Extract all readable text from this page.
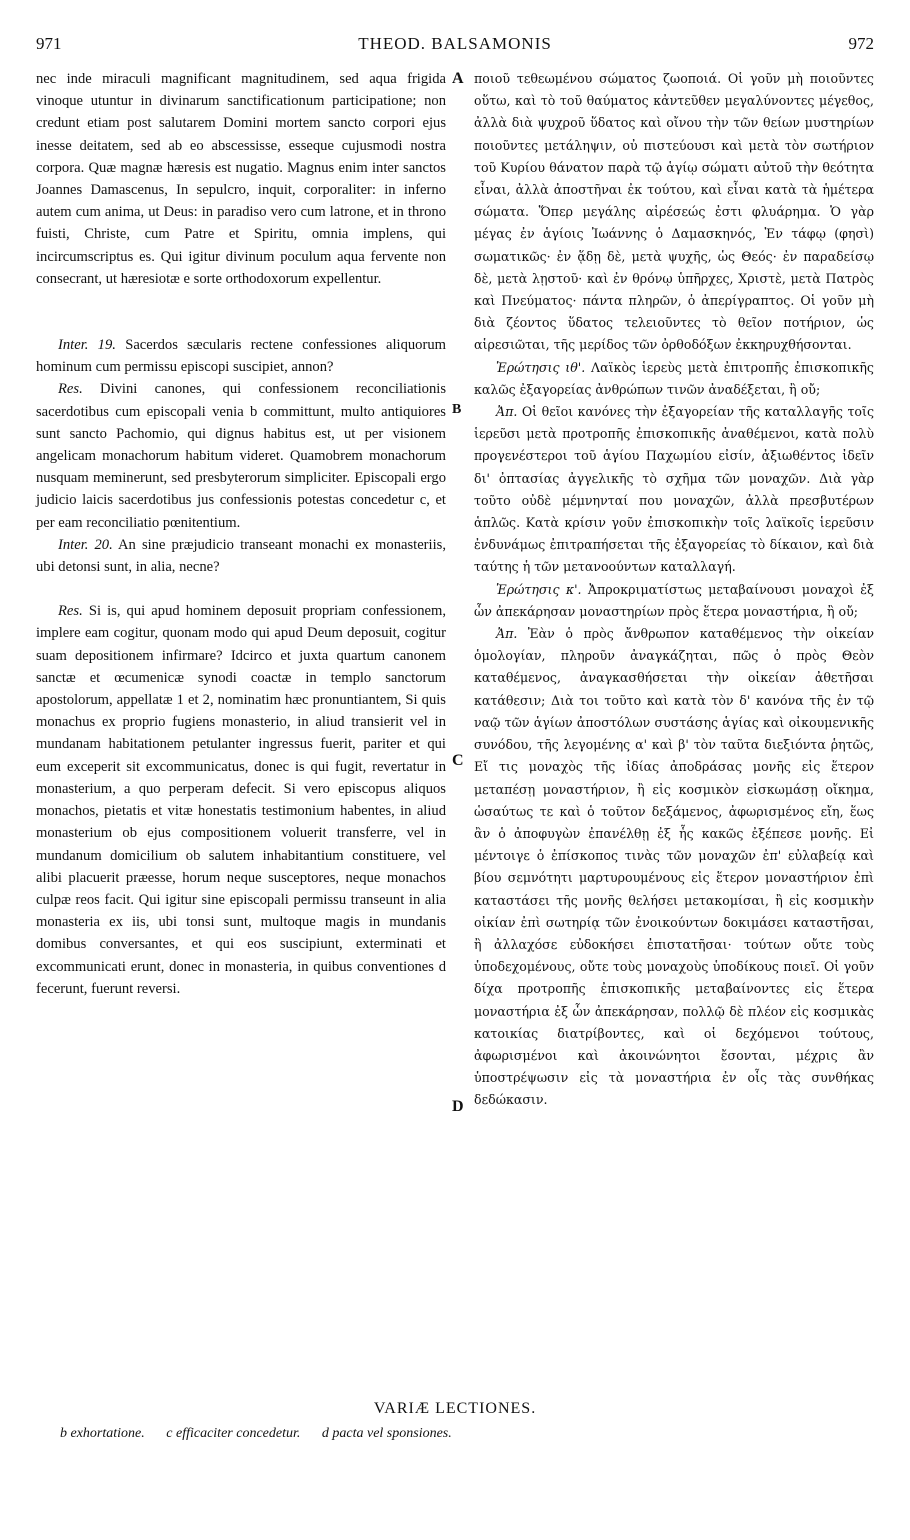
971	THEOD. BALSAMONIS	972
A
B
C
D

nec inde miraculi magnificant magnitudinem, sed aqua frigida vinoque utuntur in divinarum sanctificationum participatione; non credunt etiam post salutarem Domini mortem sancto corpori ejus inesse deitatem, sed ab eo abscessisse, esseque cujusmodi nostra corpora. Quæ magnæ hæresis est nugatio. Magnus enim inter sanctos Joannes Damascenus, In sepulcro, inquit, corporaliter: in inferno autem cum anima, ut Deus: in paradiso vero cum latrone, et in throno fuisti, Christe, cum Patre et Spiritu, omnia implens, qui incircumscriptus es. Qui igitur divinum poculum aqua fervente non consecrant, ut hæresiotæ e sorte orthodoxorum expellentur.

Inter. 19. Sacerdos sæcularis rectene confessiones aliquorum hominum cum permissu episcopi suscipiet, annon?

Res. Divini canones, qui confessionem reconciliationis sacerdotibus cum episcopali venia b committunt, multo antiquiores sunt sancto Pachomio, qui dignus habitus est, ut per visionem angelicam monachorum habitum videret. Quamobrem monachorum nusquam meminerunt, sed presbyterorum simpliciter. Episcopali ergo judicio laicis sacerdotibus jus confessionis potestas concedetur c, et per eam reconciliatio pœnitentium.

Inter. 20. An sine præjudicio transeant monachi ex monasteriis, ubi detonsi sunt, in alia, necne?

Res. Si is, qui apud hominem deposuit propriam confessionem, implere eam cogitur, quonam modo qui apud Deum deposuit, cogitur suam depositionem infirmare? Idcirco et juxta quartum canonem sanctæ et œcumenicæ synodi coactæ in templo sanctorum apostolorum, appellatæ 1 et 2, nominatim hæc pronuntiantem, Si quis monachus ex proprio fugiens monasterio, in aliud transierit vel in mundanam habitationem petulanter ingressus fuerit, pariter et qui eum exceperit sit excommunicatus, donec is qui fugit, revertatur in monasterium, a quo perperam defecit. Si vero episcopus aliquos monachos, pietatis et vitæ honestatis testimonium habentes, in aliud monasterium ob ejus compositionem voluerit transferre, vel in mundanum domicilium ob salutem inhabitantium constituere, vel alibi placuerit præesse, horum neque susceptores, neque monachos culpæ reos facit. Qui igitur sine episcopali permissu transeunt in alia monasteria ex iis, ubi tonsi sunt, multoque magis in mundanis domibus conversantes, et qui eos suscipiunt, exterminati et excommunicati erunt, donec in monasteria, in quibus conventiones d fecerunt, fuerunt reversi.

ποιοῦ τεθεωμένου σώματος ζωοποιά. Οἱ γοῦν μὴ ποιοῦντες οὕτω, καὶ τὸ τοῦ θαύματος κἀντεῦθεν μεγαλύνοντες μέγεθος, ἀλλὰ διὰ ψυχροῦ ὕδατος καὶ οἴνου τὴν τῶν θείων μυστηρίων ποιοῦντες μετάληψιν, οὐ πιστεύουσι καὶ μετὰ τὸν σωτήριον τοῦ Κυρίου θάνατον παρὰ τῷ ἁγίῳ σώματι αὐτοῦ τὴν θεότητα εἶναι, ἀλλὰ ἀποστῆναι ἐκ τούτου, καὶ εἶναι κατὰ τὰ ἡμέτερα σώματα. Ὅπερ μεγάλης αἱρέσεώς ἐστι φλυάρημα. Ὁ γὰρ μέγας ἐν ἁγίοις Ἰωάννης ὁ Δαμασκηνός, Ἐν τάφῳ (φησὶ) σωματικῶς· ἐν ᾅδῃ δὲ, μετὰ ψυχῆς, ὡς Θεός· ἐν παραδείσῳ δὲ, μετὰ λῃστοῦ· καὶ ἐν θρόνῳ ὑπῆρχες, Χριστὲ, μετὰ Πατρὸς καὶ Πνεύματος· πάντα πληρῶν, ὁ ἀπερίγραπτος. Οἱ γοῦν μὴ διὰ ζέοντος ὕδατος τελειοῦντες τὸ θεῖον ποτήριον, ὡς αἱρεσιῶται, τῆς μερίδος τῶν ὀρθοδόξων ἐκκηρυχθήσονται.

Ἐρώτησις ιθ'. Λαϊκὸς ἱερεὺς μετὰ ἐπιτροπῆς ἐπισκοπικῆς καλῶς ἐξαγορείας ἀνθρώπων τινῶν ἀναδέξεται, ἢ οὔ;

Ἀπ. Οἱ θεῖοι κανόνες τὴν ἐξαγορείαν τῆς καταλλαγῆς τοῖς ἱερεῦσι μετὰ προτροπῆς ἐπισκοπικῆς ἀναθέμενοι, κατὰ πολὺ προγενέστεροι τοῦ ἁγίου Παχωμίου εἰσίν, ἀξιωθέντος ἰδεῖν δι' ὀπτασίας ἀγγελικῆς τὸ σχῆμα τῶν μοναχῶν. Διὰ γὰρ τοῦτο οὐδὲ μέμνηνταί που μοναχῶν, ἀλλὰ πρεσβυτέρων ἁπλῶς. Κατὰ κρίσιν γοῦν ἐπισκοπικὴν τοῖς λαϊκοῖς ἱερεῦσιν ἐνδυνάμως ἐπιτραπήσεται τῆς ἐξαγορείας τὸ δίκαιον, καὶ διὰ ταύτης ἡ τῶν μετανοούντων καταλλαγή.

Ἐρώτησις κ'. Ἀπροκριματίστως μεταβαίνουσι μοναχοὶ ἐξ ὧν ἀπεκάρησαν μοναστηρίων πρὸς ἕτερα μοναστήρια, ἢ οὔ;

Ἀπ. Ἐὰν ὁ πρὸς ἄνθρωπον καταθέμενος τὴν οἰκείαν ὁμολογίαν, πληροῦν ἀναγκάζηται, πῶς ὁ πρὸς Θεὸν καταθέμενος, ἀναγκασθήσεται τὴν οἰκείαν ἀθετῆσαι κατάθεσιν; Διὰ τοι τοῦτο καὶ κατὰ τὸν δ' κανόνα τῆς ἐν τῷ ναῷ τῶν ἁγίων ἀποστόλων συστάσης ἁγίας καὶ οἰκουμενικῆς συνόδου, τῆς λεγομένης α' καὶ β' τὸν ταῦτα διεξιόντα ῥητῶς, Εἴ τις μοναχὸς τῆς ἰδίας ἀποδράσας μονῆς εἰς ἕτερον μεταπέσῃ μοναστήριον, ἢ εἰς κοσμικὸν εἰσκωμάσῃ οἴκημα, ὡσαύτως τε καὶ ὁ τοῦτον δεξάμενος, ἀφωρισμένος εἴη, ἕως ἂν ὁ ἀποφυγὼν ἐπανέλθῃ ἐξ ἧς κακῶς ἐξέπεσε μονῆς. Εἰ μέντοιγε ὁ ἐπίσκοπος τινὰς τῶν μοναχῶν ἐπ' εὐλαβείᾳ καὶ βίου σεμνότητι μαρτυρουμένους εἰς ἕτερον μοναστήριον ἐπὶ καταστάσει τῆς μονῆς θελήσει μετακομίσαι, ἢ εἰς κοσμικὴν οἰκίαν ἐπὶ σωτηρίᾳ τῶν ἐνοικούντων δοκιμάσει καταστῆσαι, ἢ ἀλλαχόσε εὐδοκήσει ἐπιστατῆσαι· τούτων οὔτε τοὺς ὑποδεχομένους, οὔτε τοὺς μοναχοὺς ὑποδίκους ποιεῖ. Οἱ γοῦν δίχα προτροπῆς ἐπισκοπικῆς μεταβαίνοντες εἰς ἕτερα μοναστήρια ἐξ ὧν ἀπεκάρησαν, πολλῷ δὲ πλέον εἰς κοσμικὰς κατοικίας διατρίβοντες, καὶ οἱ δεχόμενοι τούτους, ἀφωρισμένοι καὶ ἀκοινώνητοι ἔσονται, μέχρις ἂν ὑποστρέψωσιν εἰς τὰ μοναστήρια ἐν οἷς τὰς συνθήκας δεδώκασιν.

VARIÆ LECTIONES.
b exhortatione. c efficaciter concedetur. d pacta vel sponsiones.
